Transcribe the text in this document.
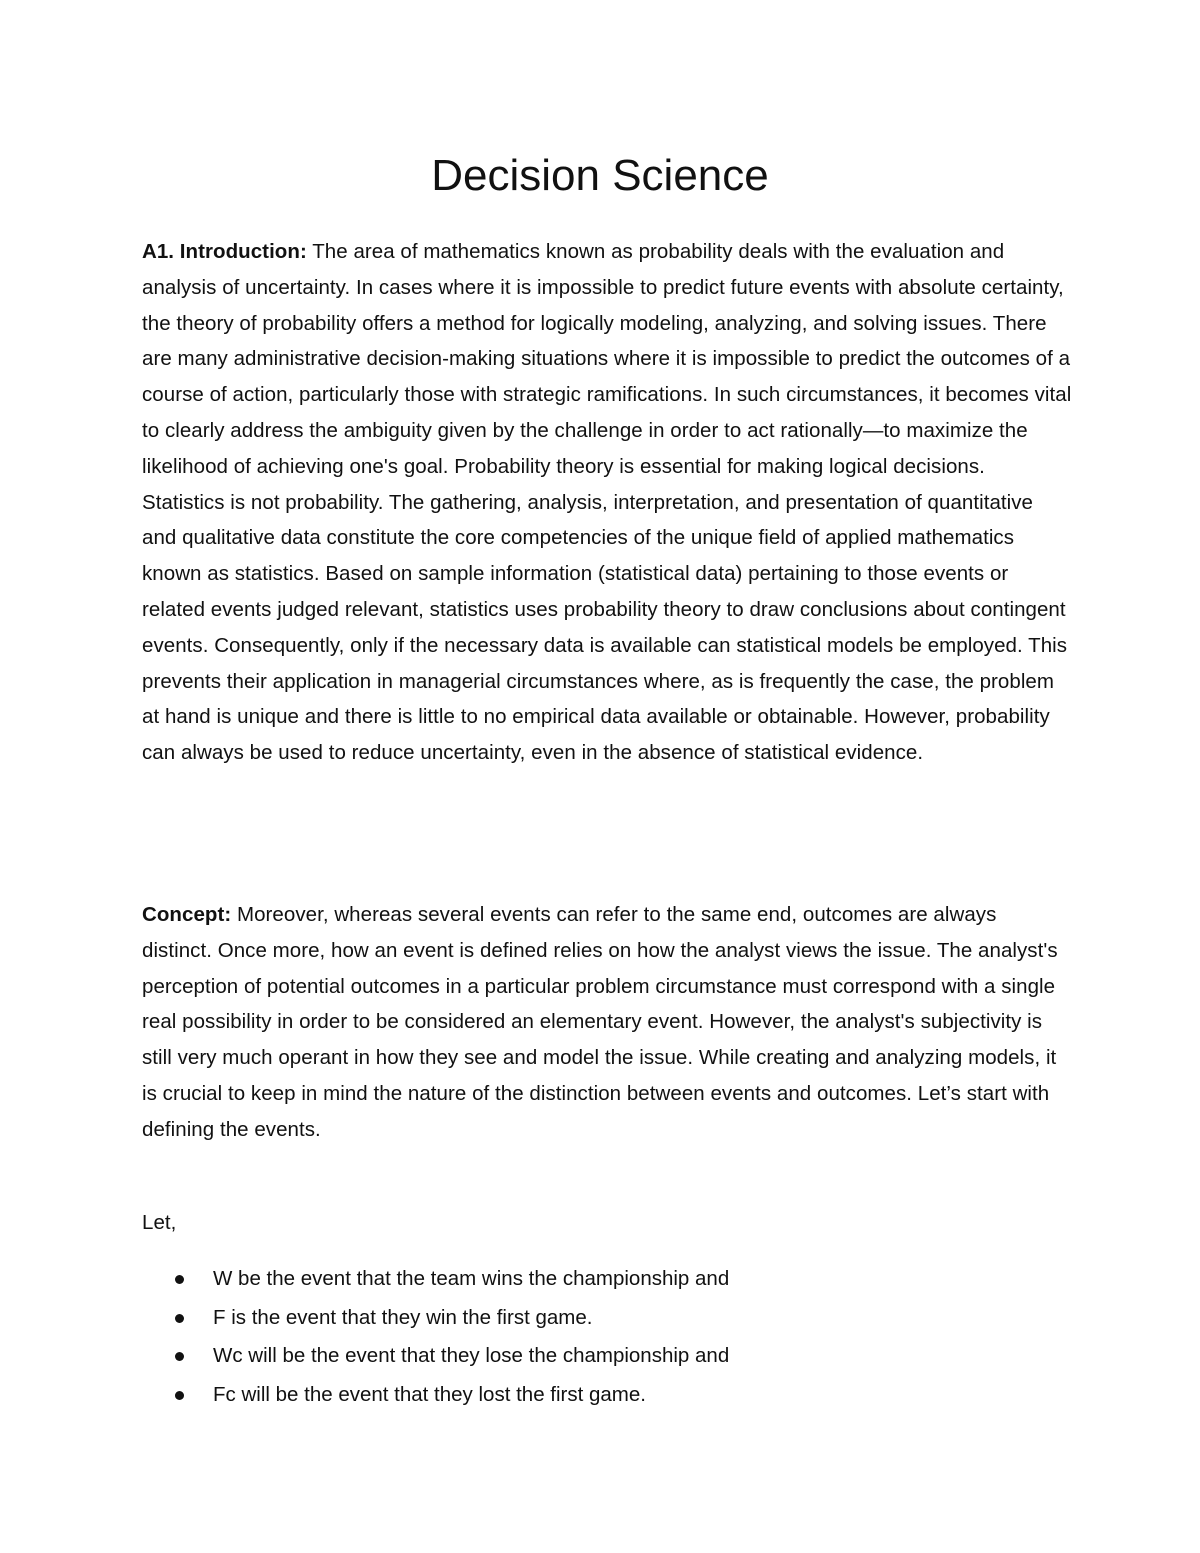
Decision Science

A1. Introduction: The area of mathematics known as probability deals with the evaluation and analysis of uncertainty. In cases where it is impossible to predict future events with absolute certainty, the theory of probability offers a method for logically modeling, analyzing, and solving issues. There are many administrative decision-making situations where it is impossible to predict the outcomes of a course of action, particularly those with strategic ramifications. In such circumstances, it becomes vital to clearly address the ambiguity given by the challenge in order to act rationally—to maximize the likelihood of achieving one's goal. Probability theory is essential for making logical decisions. Statistics is not probability. The gathering, analysis, interpretation, and presentation of quantitative and qualitative data constitute the core competencies of the unique field of applied mathematics known as statistics. Based on sample information (statistical data) pertaining to those events or related events judged relevant, statistics uses probability theory to draw conclusions about contingent events. Consequently, only if the necessary data is available can statistical models be employed. This prevents their application in managerial circumstances where, as is frequently the case, the problem at hand is unique and there is little to no empirical data available or obtainable. However, probability can always be used to reduce uncertainty, even in the absence of statistical evidence.

Concept: Moreover, whereas several events can refer to the same end, outcomes are always distinct. Once more, how an event is defined relies on how the analyst views the issue. The analyst's perception of potential outcomes in a particular problem circumstance must correspond with a single real possibility in order to be considered an elementary event. However, the analyst's subjectivity is still very much operant in how they see and model the issue. While creating and analyzing models, it is crucial to keep in mind the nature of the distinction between events and outcomes. Let’s start with defining the events.

Let,

W be the event that the team wins the championship and
F is the event that they win the first game.
Wc will be the event that they lose the championship and
Fc will be the event that they lost the first game.
